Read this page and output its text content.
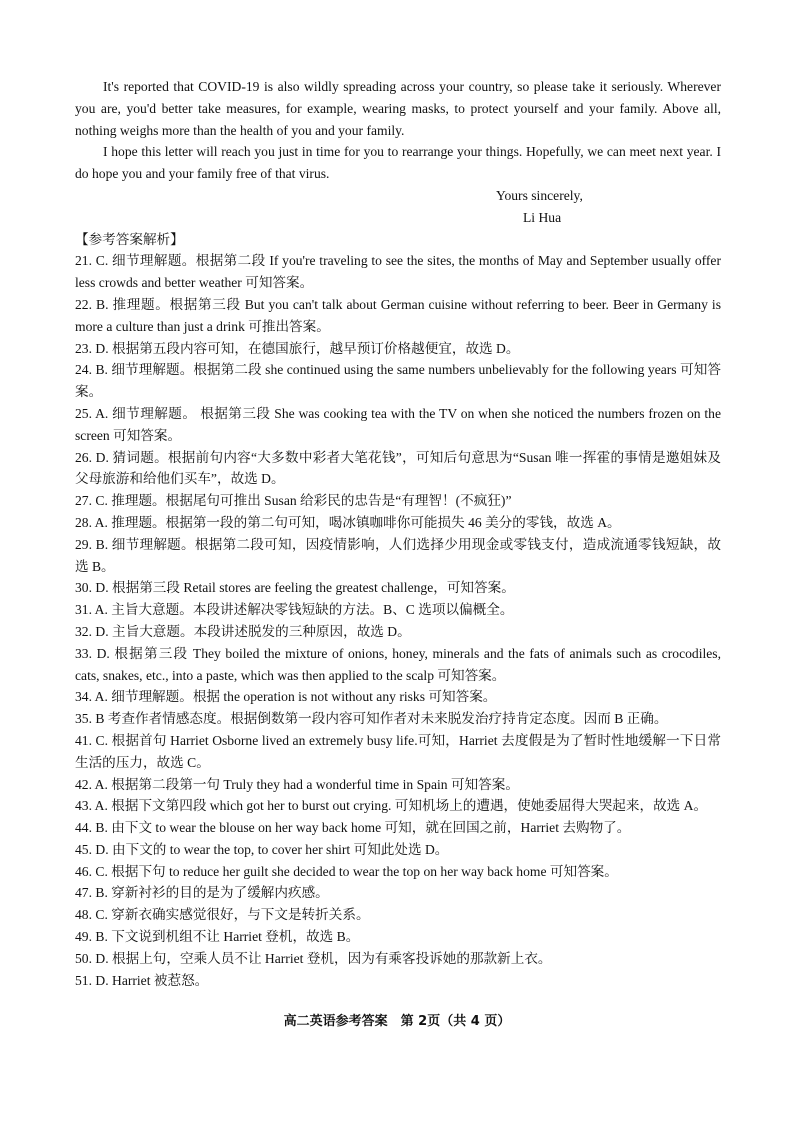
It's reported that COVID-19 is also wildly spreading across your country, so please take it seriously. Wherever you are, you'd better take measures, for example, wearing masks, to protect yourself and your family. Above all, nothing weighs more than the health of you and your family.

I hope this letter will reach you just in time for you to rearrange your things. Hopefully, we can meet next year. I do hope you and your family free of that virus.

Yours sincerely,

Li Hua

【参考答案解析】

21. C. 细节理解题。根据第二段 If you're traveling to see the sites, the months of May and September usually offer less crowds and better weather 可知答案。

22. B. 推理题。根据第三段 But you can't talk about German cuisine without referring to beer. Beer in Germany is more a culture than just a drink 可推出答案。

23. D. 根据第五段内容可知，在德国旅行，越早预订价格越便宜，故选 D。

24. B. 细节理解题。根据第二段 she continued using the same numbers unbelievably for the following years 可知答案。

25. A. 细节理解题。 根据第三段 She was cooking tea with the TV on when she noticed the numbers frozen on the screen 可知答案。

26. D. 猜词题。根据前句内容“大多数中彩者大笔花钱”，可知后句意思为“Susan 唯一挥霍的事情是邀姐妹及父母旅游和给他们买车”，故选 D。

27. C. 推理题。根据尾句可推出 Susan 给彩民的忠告是“有理智！(不疯狂)”

28. A. 推理题。根据第一段的第二句可知，喝冰镇咖啡你可能损失 46 美分的零钱，故选 A。

29. B. 细节理解题。根据第二段可知，因疫情影响，人们选择少用现金或零钱支付，造成流通零钱短缺，故选 B。

30. D. 根据第三段 Retail stores are feeling the greatest challenge，可知答案。

31. A. 主旨大意题。本段讲述解决零钱短缺的方法。B、C 选项以偏概全。

32. D. 主旨大意题。本段讲述脱发的三种原因，故选 D。

33. D. 根据第三段 They boiled the mixture of onions, honey, minerals and the fats of animals such as crocodiles, cats, snakes, etc., into a paste, which was then applied to the scalp 可知答案。

34. A. 细节理解题。根据 the operation is not without any risks 可知答案。

35. B 考查作者情感态度。根据倒数第一段内容可知作者对未来脱发治疗持肯定态度。因而 B 正确。

41. C. 根据首句 Harriet Osborne lived an extremely busy life.可知，Harriet 去度假是为了暂时性地缓解一下日常生活的压力，故选 C。

42. A. 根据第二段第一句 Truly they had a wonderful time in Spain 可知答案。

43. A. 根据下文第四段 which got her to burst out crying. 可知机场上的遭遇，使她委屈得大哭起来，故选 A。

44. B. 由下文 to wear the blouse on her way back home 可知，就在回国之前，Harriet 去购物了。

45. D. 由下文的 to wear the top, to cover her shirt 可知此处选 D。

46. C. 根据下句 to reduce her guilt she decided to wear the top on her way back home 可知答案。

47. B. 穿新衬衫的目的是为了缓解内疚感。

48. C. 穿新衣确实感觉很好，与下文是转折关系。

49. B. 下文说到机组不让 Harriet 登机，故选 B。

50. D. 根据上句，空乘人员不让 Harriet 登机，因为有乘客投诉她的那款新上衣。

51. D. Harriet 被惹怒。

高二英语参考答案　第 2页（共 4 页）
